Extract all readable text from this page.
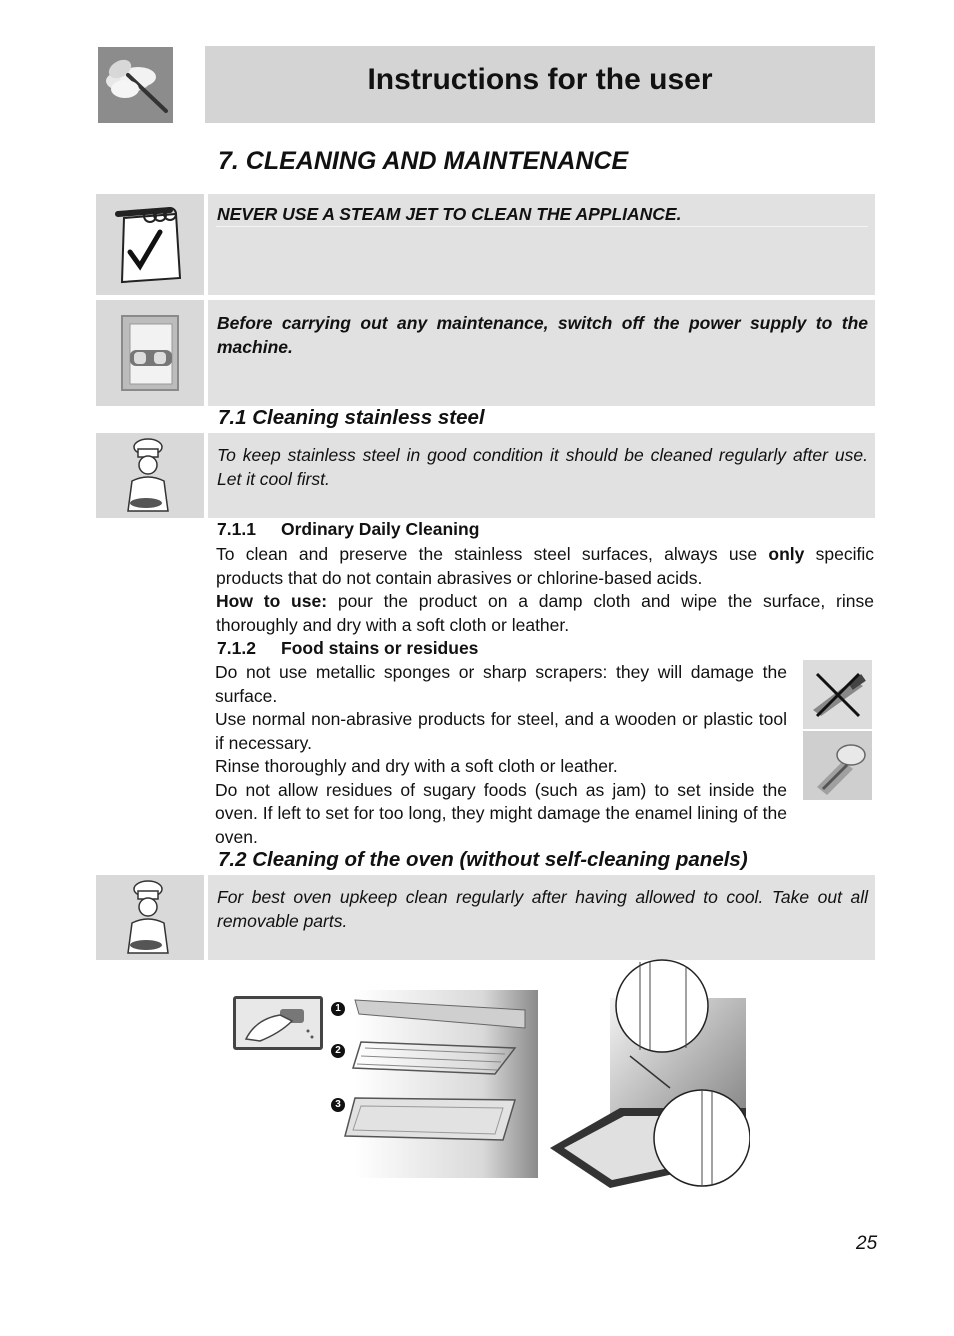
Instructions for the user
7. CLEANING AND MAINTENANCE
NEVER USE A STEAM JET TO CLEAN THE APPLIANCE.
Before carrying out any maintenance, switch off the power supply to the machine.
7.1 Cleaning stainless steel
To keep stainless steel in good condition it should be cleaned regularly after use. Let it cool first.
7.1.1 Ordinary Daily Cleaning

To clean and preserve the stainless steel surfaces, always use only specific products that do not contain abrasives or chlorine-based acids.

How to use: pour the product on a damp cloth and wipe the surface, rinse thoroughly and dry with a soft cloth or leather.

7.1.2 Food stains or residues

Do not use metallic sponges or sharp scrapers: they will damage the surface.

Use normal non-abrasive products for steel, and a wooden or plastic tool if necessary.

Rinse thoroughly and dry with a soft cloth or leather.

Do not allow residues of sugary foods (such as jam) to set inside the oven. If left to set for too long, they might damage the enamel lining of the oven.

7.2 Cleaning of the oven (without self-cleaning panels)
For best oven upkeep clean regularly after having allowed to cool. Take out all removable parts.
1
2
3
25
